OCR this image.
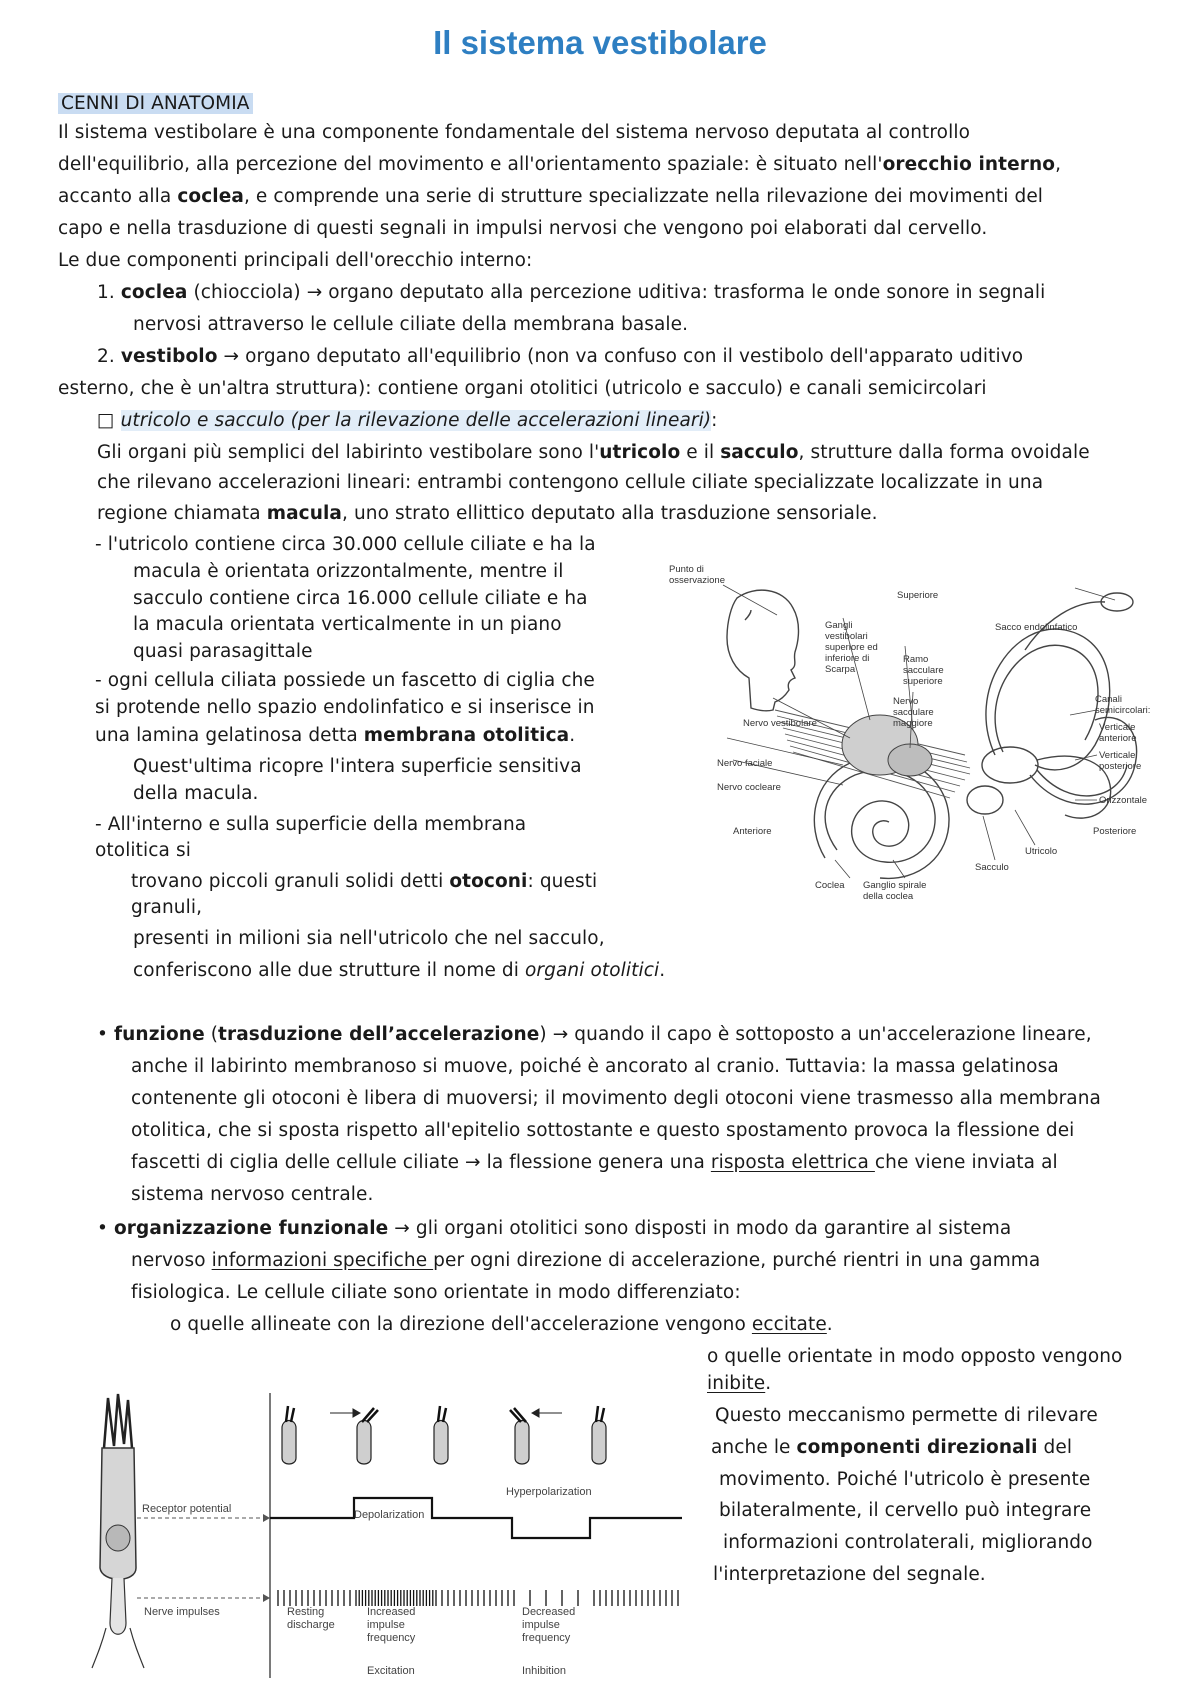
Il sistema vestibolare
CENNI DI ANATOMIA
Il sistema vestibolare è una componente fondamentale del sistema nervoso deputata al controllo
dell'equilibrio, alla percezione del movimento e all'orientamento spaziale: è situato nell'orecchio interno,
accanto alla coclea, e comprende una serie di strutture specializzate nella rilevazione dei movimenti del
capo e nella trasduzione di questi segnali in impulsi nervosi che vengono poi elaborati dal cervello.
Le due componenti principali dell'orecchio interno:
1. coclea (chiocciola) → organo deputato alla percezione uditiva: trasforma le onde sonore in segnali
nervosi attraverso le cellule ciliate della membrana basale.
2. vestibolo → organo deputato all'equilibrio (non va confuso con il vestibolo dell'apparato uditivo
esterno, che è un'altra struttura): contiene organi otolitici (utricolo e sacculo) e canali semicircolari
□ utricolo e sacculo (per la rilevazione delle accelerazioni lineari):
Gli organi più semplici del labirinto vestibolare sono l'utricolo e il sacculo, strutture dalla forma ovoidale
che rilevano accelerazioni lineari: entrambi contengono cellule ciliate specializzate localizzate in una
regione chiamata macula, uno strato ellittico deputato alla trasduzione sensoriale.
- l'utricolo contiene circa 30.000 cellule ciliate e ha la
macula è orientata orizzontalmente, mentre il
sacculo contiene circa 16.000 cellule ciliate e ha
la macula orientata verticalmente in un piano
quasi parasagittale
- ogni cellula ciliata possiede un fascetto di ciglia che
si protende nello spazio endolinfatico e si inserisce in
una lamina gelatinosa detta membrana otolitica.
Quest'ultima ricopre l'intera superficie sensitiva
della macula.
- All'interno e sulla superficie della membrana
otolitica si
trovano piccoli granuli solidi detti otoconi: questi
granuli,
presenti in milioni sia nell'utricolo che nel sacculo,
conferiscono alle due strutture il nome di organi otolitici.
Punto di
osservazione
Superiore
Gangli
vestibolari
superiore ed
inferiore di
Scarpa
Ramo
sacculare
superiore
Sacco endolinfatico
Canali
semicircolari:
Verticale
anteriore
Verticale
posteriore
Orizzontale
Nervo vestibolare
Nervo
sacculare
maggiore
Nervo faciale
Nervo cocleare
Anteriore	Posteriore
Utricolo
Sacculo
Coclea Ganglio spirale
della coclea
• funzione (trasduzione dell’accelerazione) → quando il capo è sottoposto a un'accelerazione lineare,
anche il labirinto membranoso si muove, poiché è ancorato al cranio. Tuttavia: la massa gelatinosa
contenente gli otoconi è libera di muoversi; il movimento degli otoconi viene trasmesso alla membrana
otolitica, che si sposta rispetto all'epitelio sottostante e questo spostamento provoca la flessione dei
fascetti di ciglia delle cellule ciliate → la flessione genera una risposta elettrica che viene inviata al
sistema nervoso centrale.
• organizzazione funzionale → gli organi otolitici sono disposti in modo da garantire al sistema
nervoso informazioni specifiche per ogni direzione di accelerazione, purché rientri in una gamma
fisiologica. Le cellule ciliate sono orientate in modo differenziato:
o quelle allineate con la direzione dell'accelerazione vengono eccitate.
o quelle orientate in modo opposto vengono
inibite.
Questo meccanismo permette di rilevare
anche le componenti direzionali del
movimento. Poiché l'utricolo è presente
bilateralmente, il cervello può integrare
informazioni controlaterali, migliorando
l'interpretazione del segnale.
Receptor potential	Depolarization
Hyperpolarization
Nerve impulses	Resting
discharge
Increased
impulse
frequency
Decreased
impulse
frequency
Excitation	Inhibition
